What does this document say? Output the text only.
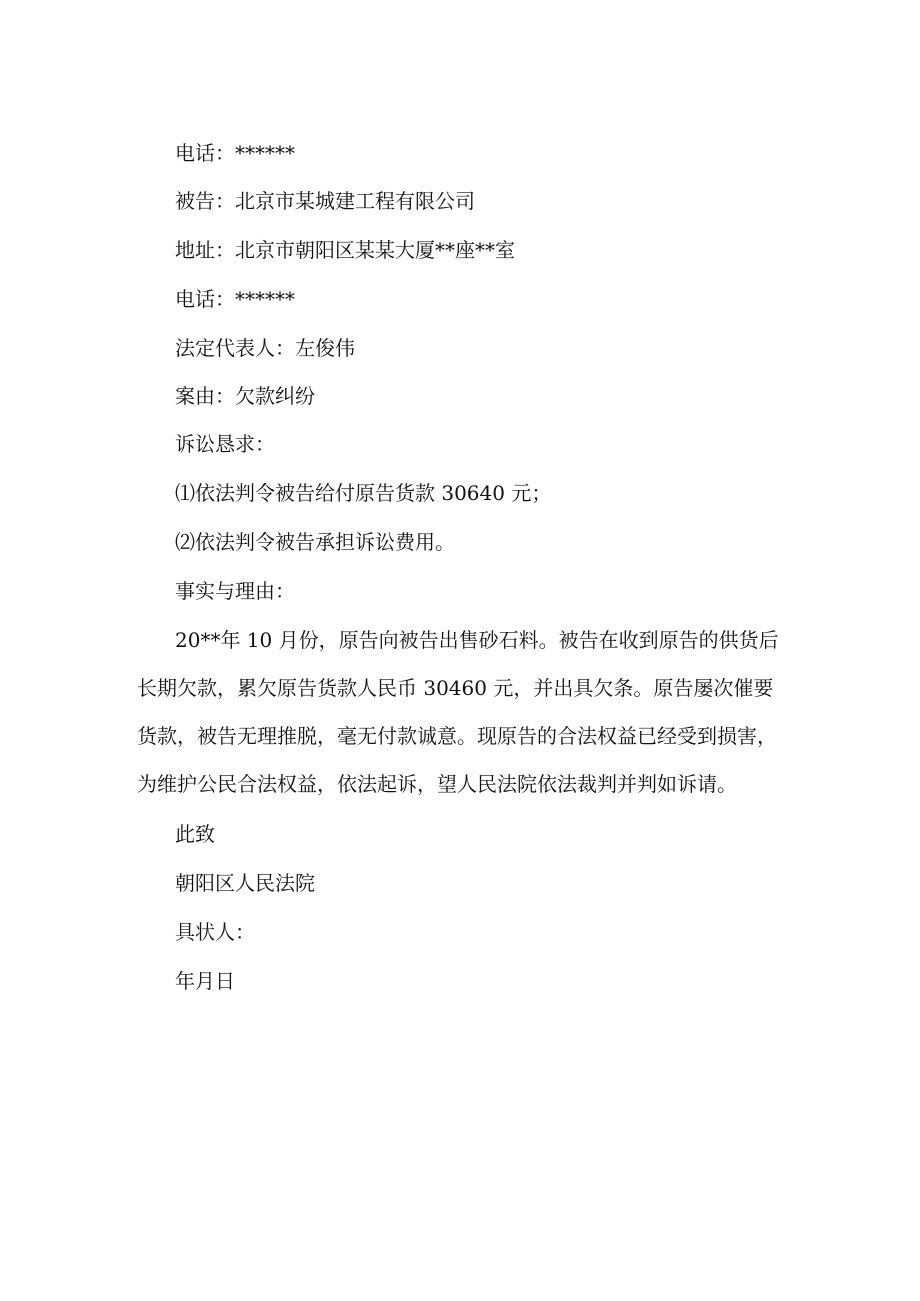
电话：******
被告：北京市某城建工程有限公司
地址：北京市朝阳区某某大厦**座**室
电话：******
法定代表人：左俊伟
案由：欠款纠纷
诉讼恳求：
⑴依法判令被告给付原告货款 30640 元；
⑵依法判令被告承担诉讼费用。
事实与理由：
20**年 10 月份，原告向被告出售砂石料。被告在收到原告的供货后长期欠款，累欠原告货款人民币 30460 元，并出具欠条。原告屡次催要货款，被告无理推脱，毫无付款诚意。现原告的合法权益已经受到损害，为维护公民合法权益，依法起诉，望人民法院依法裁判并判如诉请。
此致
朝阳区人民法院
具状人：
年月日
